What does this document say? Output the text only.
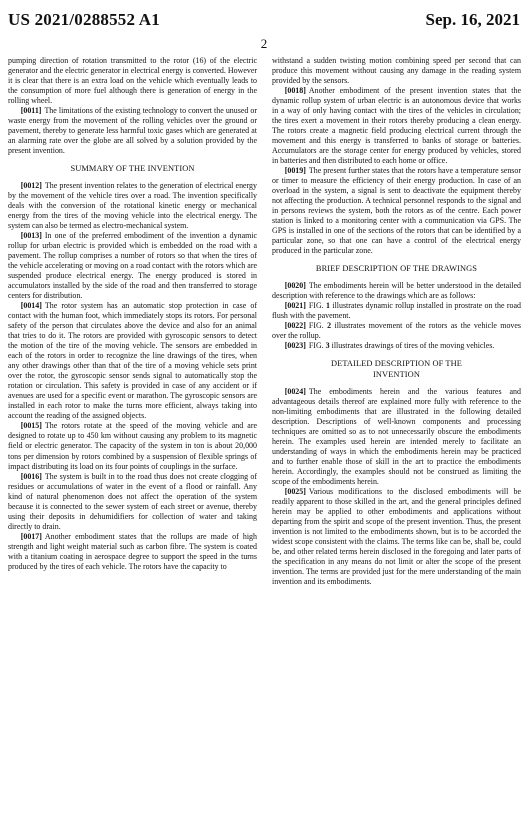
US 2021/0288552 A1	Sep. 16, 2021
2

pumping direction of rotation transmitted to the rotor (16) of the electric generator and the electric generator in electrical energy is converted. However it is clear that there is an extra load on the vehicle which eventually leads to the consumption of more fuel although there is generation of energy in the rolling wheel.

[0011] The limitations of the existing technology to convert the unused or waste energy from the movement of the rolling vehicles over the ground or pavement, thereby to generate less harmful toxic gases which are generated at an alarming rate over the globe are all solved by a solution provided by the present invention.

SUMMARY OF THE INVENTION

[0012] The present invention relates to the generation of electrical energy by the movement of the vehicle tires over a road. The invention specifically deals with the conversion of the rotational kinetic energy or mechanical energy from the tires of the moving vehicle into the electrical energy. The system can also be termed as electro-mechanical system.

[0013] In one of the preferred embodiment of the invention a dynamic rollup for urban electric is provided which is embedded on the road with a pavement. The rollup comprises a number of rotors so that when the tires of the vehicle accelerating or moving on a road contact with the rotors which are suspended produce electrical energy. The energy produced is stored in accumulators installed by the side of the road and then transferred to storage centers for distribution.

[0014] The rotor system has an automatic stop protection in case of contact with the human foot, which immediately stops its rotors. For personal safety of the person that circulates above the device and also for an animal that tries to do it. The rotors are provided with gyroscopic sensors to detect the motion of the tire of the moving vehicle. The sensors are embedded in each of the rotors in order to recognize the line drawings of the tires, when any other drawings other than that of the tire of a moving vehicle sets print over the rotor, the gyroscopic sensor sends signal to automatically stop the rotation or circulation. This safety is provided in case of any accident or if avenues are used for a specific event or marathon. The gyroscopic sensors are installed in each rotor to make the turns more efficient, always taking into account the reading of the assigned objects.

[0015] The rotors rotate at the speed of the moving vehicle and are designed to rotate up to 450 km without causing any problem to its magnetic field or electric generator. The capacity of the system in ton is about 20,000 tons per dimension by rotors combined by a suspension of flexible springs of impact distributing its load on its four points of couplings in the surface.

[0016] The system is built in to the road thus does not create clogging of residues or accumulations of water in the event of a flood or rainfall. Any kind of natural phenomenon does not affect the operation of the system because it is connected to the sewer system of each street or avenue, thereby using their deposits in dehumidifiers for collection of water and taking directly to drain.

[0017] Another embodiment states that the rollups are made of high strength and light weight material such as carbon fibre. The system is coated with a titanium coating in aerospace degree to support the speed in the turns produced by the tires of each vehicle. The rotors have the capacity to

withstand a sudden twisting motion combining speed per second that can produce this movement without causing any damage in the reading system provided by the sensors.

[0018] Another embodiment of the present invention states that the dynamic rollup system of urban electric is an autonomous device that works in a way of only having contact with the tires of the vehicles in circulation; the tires exert a movement in their rotors thereby producing a clean energy. The rotors create a magnetic field producing electrical current through the movement and this energy is transferred to banks of storage or batteries. Accumulators are the storage center for energy produced by vehicles, stored in batteries and then distributed to each home or office.

[0019] The present further states that the rotors have a temperature sensor or timer to measure the efficiency of their energy production. In case of an overload in the system, a signal is sent to deactivate the equipment thereby not affecting the production. A technical personnel responds to the signal and in persons reviews the system, both the rotors as of the centre. Each power station is linked to a monitoring center with a communication via GPS. The GPS is installed in one of the sections of the rotors that can be identified by a particular zone, so that one can have a control of the electrical energy produced in the particular zone.

BRIEF DESCRIPTION OF THE DRAWINGS

[0020] The embodiments herein will be better understood in the detailed description with reference to the drawings which are as follows:

[0021] FIG. 1 illustrates dynamic rollup installed in prostrate on the road flush with the pavement.

[0022] FIG. 2 illustrates movement of the rotors as the vehicle moves over the rollup.

[0023] FIG. 3 illustrates drawings of tires of the moving vehicles.

DETAILED DESCRIPTION OF THE
INVENTION

[0024] The embodiments herein and the various features and advantageous details thereof are explained more fully with reference to the non-limiting embodiments that are illustrated in the following detailed description. Descriptions of well-known components and processing techniques are omitted so as to not unnecessarily obscure the embodiments herein. The examples used herein are intended merely to facilitate an understanding of ways in which the embodiments herein may be practiced and to further enable those of skill in the art to practice the embodiments herein. Accordingly, the examples should not be construed as limiting the scope of the embodiments herein.

[0025] Various modifications to the disclosed embodiments will be readily apparent to those skilled in the art, and the general principles defined herein may be applied to other embodiments and applications without departing from the spirit and scope of the present invention. Thus, the present invention is not limited to the embodiments shown, but is to be accorded the widest scope consistent with the claims. The terms like can be, shall be, could be, and other related terms herein disclosed in the foregoing and later parts of the specification in any means do not limit or alter the scope of the present invention. The terms are provided just for the mere understanding of the main invention and its embodiments.
